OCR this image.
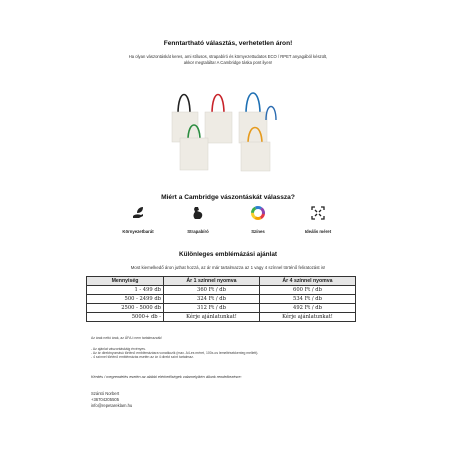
Fenntartható választás, verhetetlen áron!
Ha olyan vászontáskát keres, ami stílusos, strapabíró és környezettudatos ECO / RPET anyagából készült,
akkor megtalálta! A Cambridge táska pont ilyen!
Miért a Cambridge vászontáskát válassza?
Környezetbarát	Strapabíró	Színes	Ideális méret
Különleges emblémázási ajánlat
Most kiemelkedő áron juthat hozzá, az ár már tartalmazza az 1 vagy 4 színnel történő feliratozást is!
Mennyiség	Ár 1 színnel nyomva	Ár 4 színnel nyomva
1 - 499 db	360 Ft / db	600 Ft / db
500 - 2499 db	324 Ft / db	534 Ft / db
2500 - 5000 db	312 Ft / db	492 Ft / db
5000+ db -	Kérje ajánlatunkat!	Kérje ajánlatunkat!
Az árak nettó árak, az ÁFA-t nem tartalmazzák!
- Az ajánlat vászontáskáig érvényes.
- Az ár direktnyomású történő emblémázásra vonatkozik (max. A4-es méret, 100x-os lemeltésekkenteg mellett).
- 4 színnel történő emblémázás esetén az ár 4 direkt színt tartalmaz.
Kérdés / megrendelés esetén az alábbi elérhetőségek valamelyikén állunk rendelkezésre:
Szántó Norbert
+36704205505
info@repetareklam.hu
